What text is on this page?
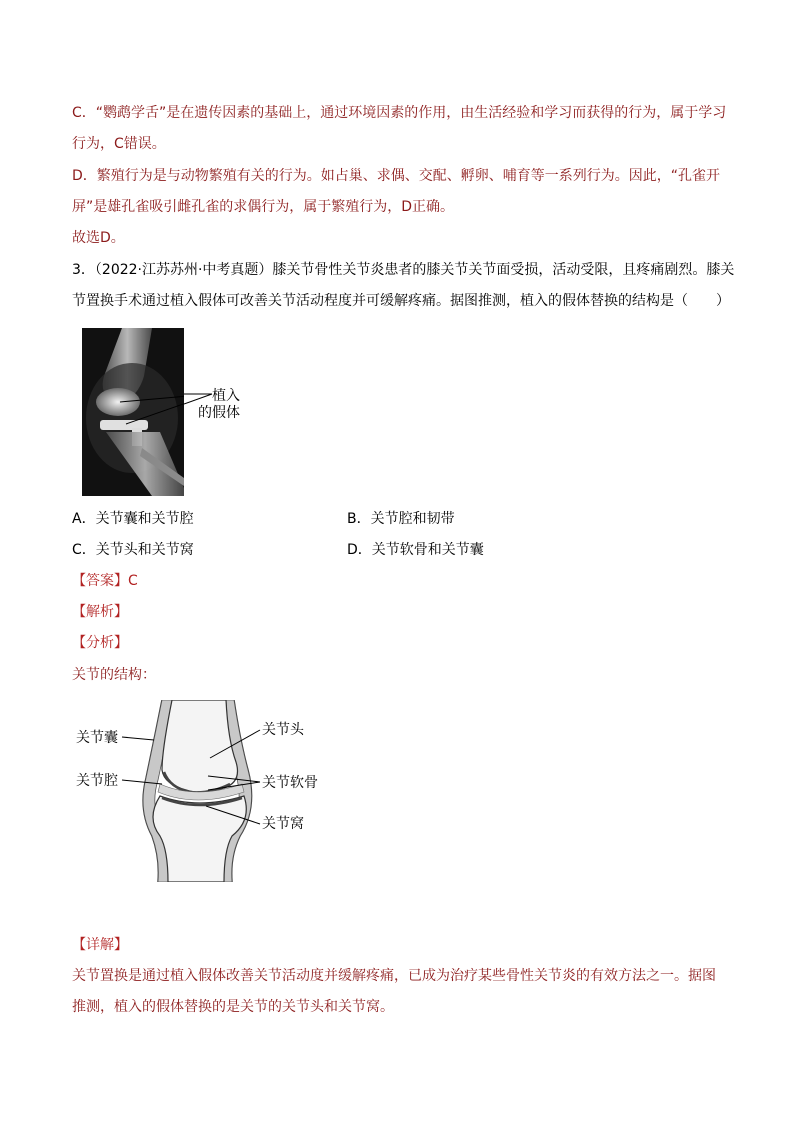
C．“鹦鹉学舌”是在遗传因素的基础上，通过环境因素的作用，由生活经验和学习而获得的行为，属于学习
行为，C错误。
D．繁殖行为是与动物繁殖有关的行为。如占巢、求偶、交配、孵卵、哺育等一系列行为。因此，“孔雀开
屏”是雄孔雀吸引雌孔雀的求偶行为，属于繁殖行为，D正确。
故选D。
3．（2022·江苏苏州·中考真题）膝关节骨性关节炎患者的膝关节关节面受损，活动受限，且疼痛剧烈。膝关
节置换手术通过植入假体可改善关节活动程度并可缓解疼痛。据图推测，植入的假体替换的结构是（　　）
植入
的假体
A．关节囊和关节腔	B．关节腔和韧带
C．关节头和关节窝	D．关节软骨和关节囊
【答案】C
【解析】
【分析】
关节的结构：
关节囊
关节腔
关节头
关节软骨
关节窝
【详解】
关节置换是通过植入假体改善关节活动度并缓解疼痛，已成为治疗某些骨性关节炎的有效方法之一。据图
推测，植入的假体替换的是关节的关节头和关节窝。
